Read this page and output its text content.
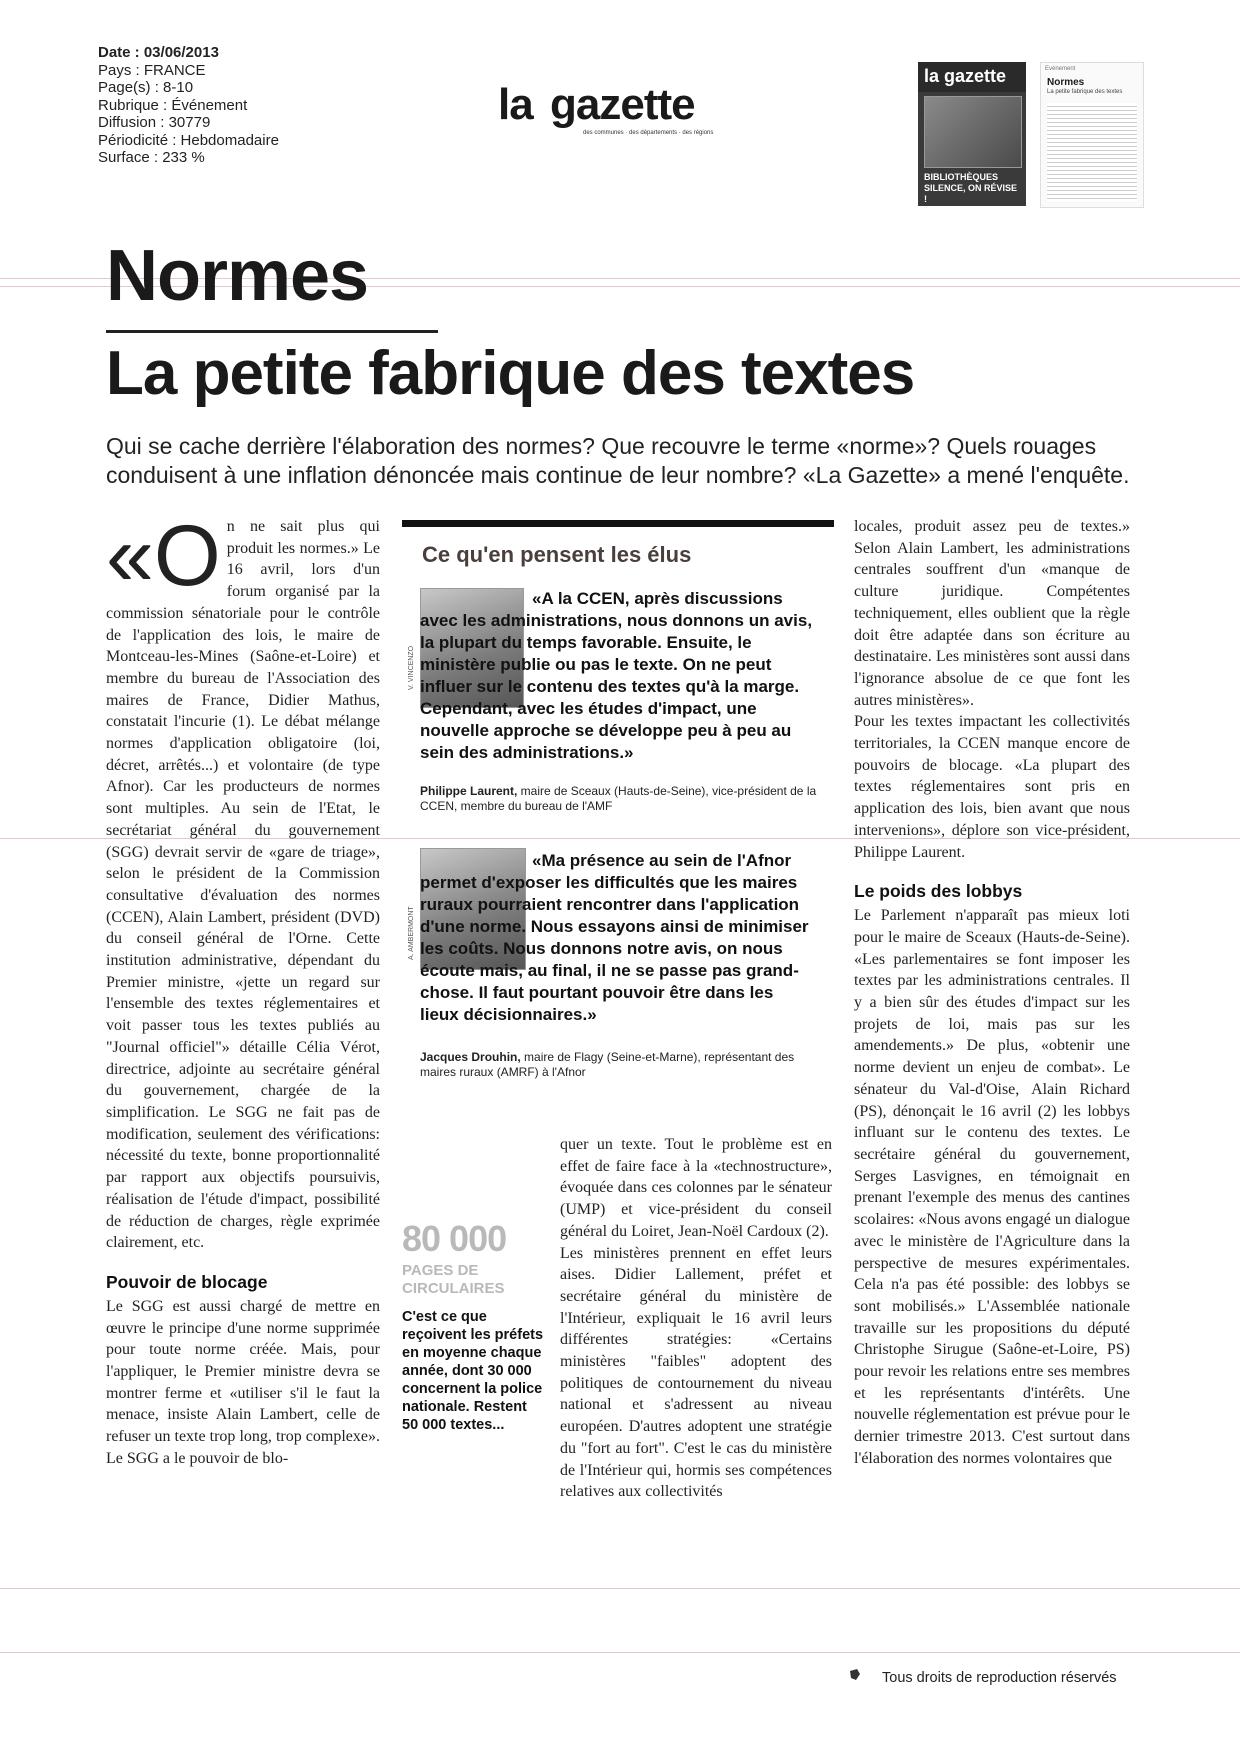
Date : 03/06/2013
Pays : FRANCE
Page(s) : 8-10
Rubrique : Événement
Diffusion : 30779
Périodicité : Hebdomadaire
Surface : 233 %
la gazette
des communes · des départements · des régions
la gazette
BIBLIOTHÈQUES SILENCE, ON RÉVISE !
Evénement
Normes
La petite fabrique des textes
Normes
La petite fabrique des textes
Qui se cache derrière l'élaboration des normes? Que recouvre le terme «norme»? Quels rouages conduisent à une inflation dénoncée mais continue de leur nombre? «La Gazette» a mené l'enquête.

«On ne sait plus qui produit les normes.» Le 16 avril, lors d'un forum organisé par la commission sénatoriale pour le contrôle de l'application des lois, le maire de Montceau-les-Mines (Saône-et-Loire) et membre du bureau de l'Association des maires de France, Didier Mathus, constatait l'incurie (1). Le débat mélange normes d'application obligatoire (loi, décret, arrêtés...) et volontaire (de type Afnor). Car les producteurs de normes sont multiples. Au sein de l'Etat, le secrétariat général du gouvernement (SGG) devrait servir de «gare de triage», selon le président de la Commission consultative d'évaluation des normes (CCEN), Alain Lambert, président (DVD) du conseil général de l'Orne. Cette institution administrative, dépendant du Premier ministre, «jette un regard sur l'ensemble des textes réglementaires et voit passer tous les textes publiés au "Journal officiel"» détaille Célia Vérot, directrice, adjointe au secrétaire général du gouvernement, chargée de la simplification. Le SGG ne fait pas de modification, seulement des vérifications: nécessité du texte, bonne proportionnalité par rapport aux objectifs poursuivis, réalisation de l'étude d'impact, possibilité de réduction de charges, règle exprimée clairement, etc.

Pouvoir de blocage

Le SGG est aussi chargé de mettre en œuvre le principe d'une norme supprimée pour toute norme créée. Mais, pour l'appliquer, le Premier ministre devra se montrer ferme et «utiliser s'il le faut la menace, insiste Alain Lambert, celle de refuser un texte trop long, trop complexe». Le SGG a le pouvoir de blo-

Ce qu'en pensent les élus
V. VINCENZO
«A la CCEN, après discussions avec les administrations, nous donnons un avis, la plupart du temps favorable. Ensuite, le ministère publie ou pas le texte. On ne peut influer sur le contenu des textes qu'à la marge. Cependant, avec les études d'impact, une nouvelle approche se développe peu à peu au sein des administrations.»
Philippe Laurent, maire de Sceaux (Hauts-de-Seine), vice-président de la CCEN, membre du bureau de l'AMF
A. AMBERMONT
«Ma présence au sein de l'Afnor permet d'exposer les difficultés que les maires ruraux pourraient rencontrer dans l'application d'une norme. Nous essayons ainsi de minimiser les coûts. Nous donnons notre avis, on nous écoute mais, au final, il ne se passe pas grand-chose. Il faut pourtant pouvoir être dans les lieux décisionnaires.»
Jacques Drouhin, maire de Flagy (Seine-et-Marne), représentant des maires ruraux (AMRF) à l'Afnor
80 000
PAGES DE CIRCULAIRES
C'est ce que reçoivent les préfets en moyenne chaque année, dont 30 000 concernent la police nationale. Restent 50 000 textes...

quer un texte. Tout le problème est en effet de faire face à la «technostructure», évoquée dans ces colonnes par le sénateur (UMP) et vice-président du conseil général du Loiret, Jean-Noël Cardoux (2).

Les ministères prennent en effet leurs aises. Didier Lallement, préfet et secrétaire général du ministère de l'Intérieur, expliquait le 16 avril leurs différentes stratégies: «Certains ministères "faibles" adoptent des politiques de contournement du niveau national et s'adressent au niveau européen. D'autres adoptent une stratégie du "fort au fort". C'est le cas du ministère de l'Intérieur qui, hormis ses compétences relatives aux collectivités

locales, produit assez peu de textes.» Selon Alain Lambert, les administrations centrales souffrent d'un «manque de culture juridique. Compétentes techniquement, elles oublient que la règle doit être adaptée dans son écriture au destinataire. Les ministères sont aussi dans l'ignorance absolue de ce que font les autres ministères».

Pour les textes impactant les collectivités territoriales, la CCEN manque encore de pouvoirs de blocage. «La plupart des textes réglementaires sont pris en application des lois, bien avant que nous intervenions», déplore son vice-président, Philippe Laurent.

Le poids des lobbys

Le Parlement n'apparaît pas mieux loti pour le maire de Sceaux (Hauts-de-Seine). «Les parlementaires se font imposer les textes par les administrations centrales. Il y a bien sûr des études d'impact sur les projets de loi, mais pas sur les amendements.» De plus, «obtenir une norme devient un enjeu de combat». Le sénateur du Val-d'Oise, Alain Richard (PS), dénonçait le 16 avril (2) les lobbys influant sur le contenu des textes. Le secrétaire général du gouvernement, Serges Lasvignes, en témoignait en prenant l'exemple des menus des cantines scolaires: «Nous avons engagé un dialogue avec le ministère de l'Agriculture dans la perspective de mesures expérimentales. Cela n'a pas été possible: des lobbys se sont mobilisés.» L'Assemblée nationale travaille sur les propositions du député Christophe Sirugue (Saône-et-Loire, PS) pour revoir les relations entre ses membres et les représentants d'intérêts. Une nouvelle réglementation est prévue pour le dernier trimestre 2013. C'est surtout dans l'élaboration des normes volontaires que

Tous droits de reproduction réservés
